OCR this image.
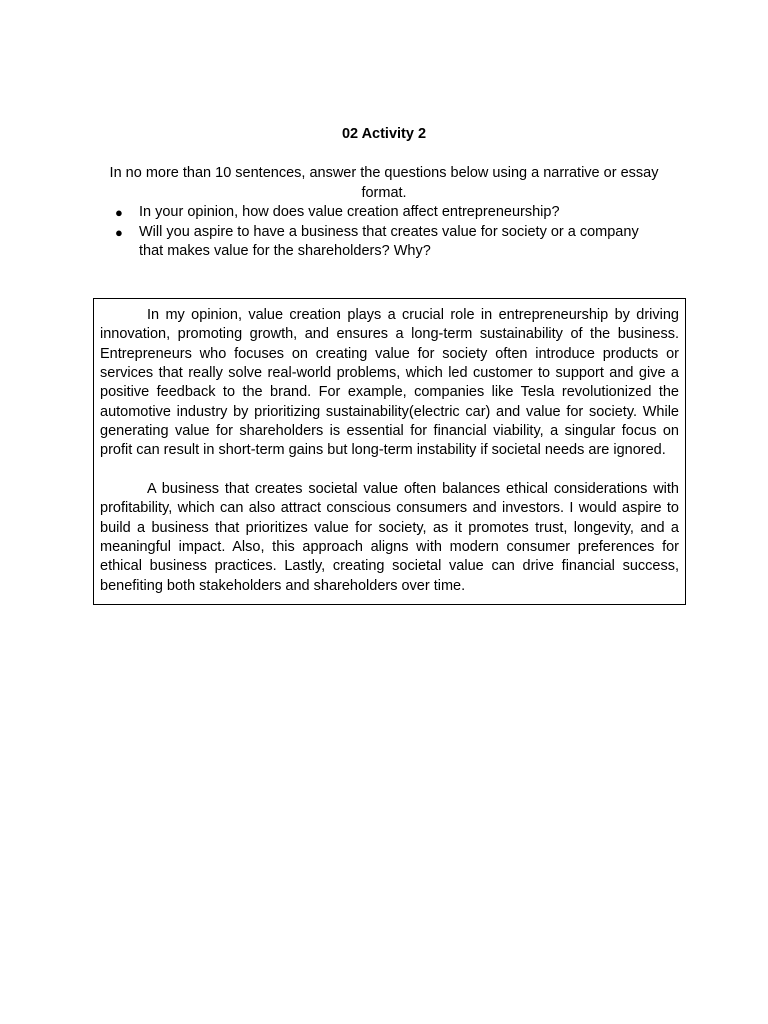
02 Activity 2

In no more than 10 sentences, answer the questions below using a narrative or essay format.

● In your opinion, how does value creation affect entrepreneurship?
● Will you aspire to have a business that creates value for society or a company that makes value for the shareholders? Why?

In my opinion, value creation plays a crucial role in entrepreneurship by driving innovation, promoting growth, and ensures a long-term sustainability of the business. Entrepreneurs who focuses on creating value for society often introduce products or services that really solve real-world problems, which led customer to support and give a positive feedback to the brand. For example, companies like Tesla revolutionized the automotive industry by prioritizing sustainability(electric car) and value for society. While generating value for shareholders is essential for financial viability, a singular focus on profit can result in short-term gains but long-term instability if societal needs are ignored.

A business that creates societal value often balances ethical considerations with profitability, which can also attract conscious consumers and investors. I would aspire to build a business that prioritizes value for society, as it promotes trust, longevity, and a meaningful impact. Also, this approach aligns with modern consumer preferences for ethical business practices. Lastly, creating societal value can drive financial success, benefiting both stakeholders and shareholders over time.
